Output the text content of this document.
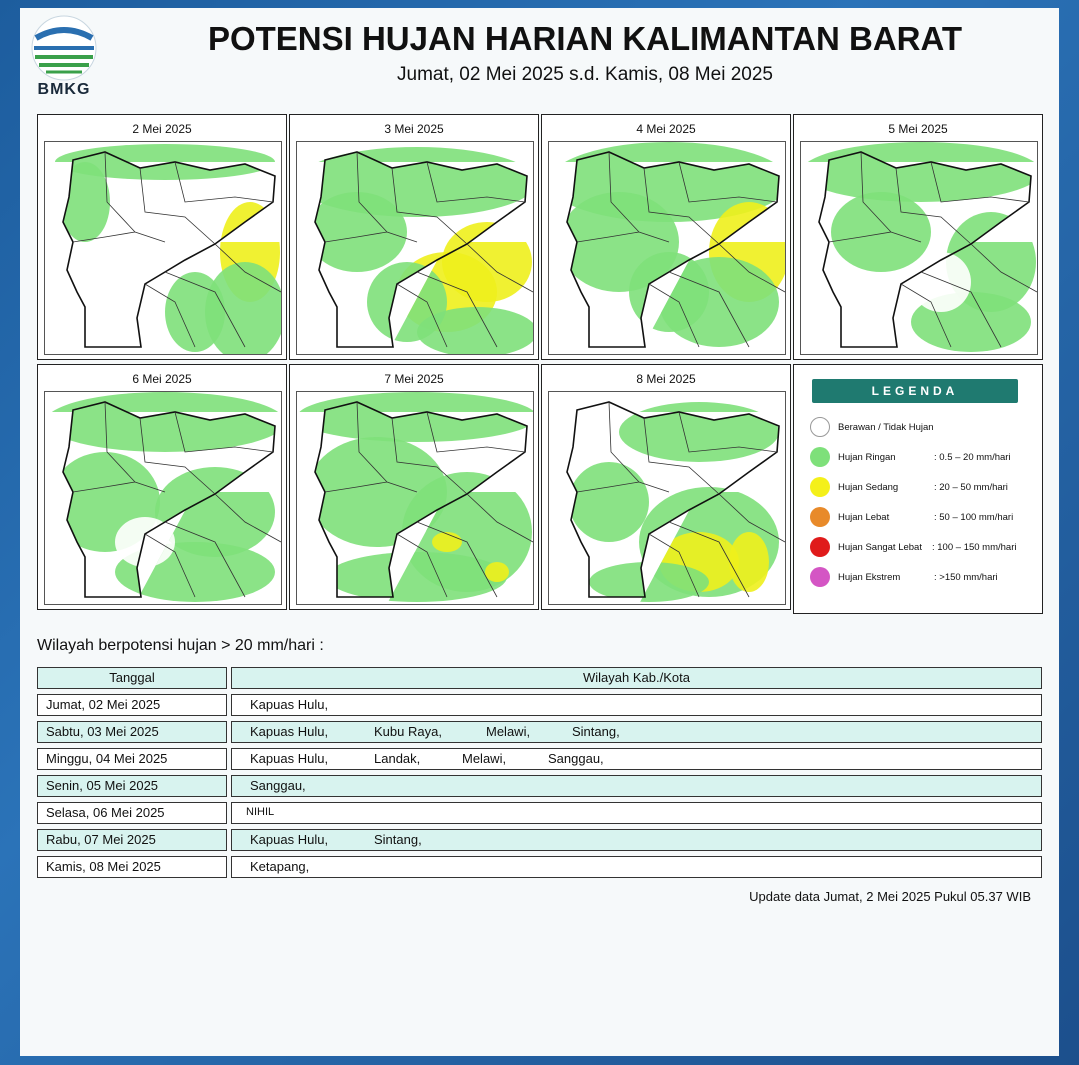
BMKG
POTENSI HUJAN HARIAN KALIMANTAN BARAT
Jumat, 02 Mei 2025 s.d. Kamis, 08 Mei 2025
2 Mei 2025	3 Mei 2025	4 Mei 2025	5 Mei 2025
6 Mei 2025	7 Mei 2025	8 Mei 2025
LEGENDA
Berawan / Tidak Hujan
Hujan Ringan	: 0.5 – 20 mm/hari
Hujan Sedang	: 20 – 50 mm/hari
Hujan Lebat	: 50 – 100 mm/hari
Hujan Sangat Lebat : 100 – 150 mm/hari
Hujan Ekstrem	: >150 mm/hari
Wilayah berpotensi hujan > 20 mm/hari :
Tanggal	Wilayah Kab./Kota
Jumat, 02 Mei 2025	Kapuas Hulu,
Sabtu, 03 Mei 2025	Kapuas Hulu,	Kubu Raya,	Melawi,	Sintang,
Minggu, 04 Mei 2025	Kapuas Hulu,	Landak,	Melawi,	Sanggau,
Senin, 05 Mei 2025	Sanggau,
Selasa, 06 Mei 2025	NIHIL
Rabu, 07 Mei 2025	Kapuas Hulu,	Sintang,
Kamis, 08 Mei 2025	Ketapang,
Update data Jumat, 2 Mei 2025 Pukul 05.37 WIB
